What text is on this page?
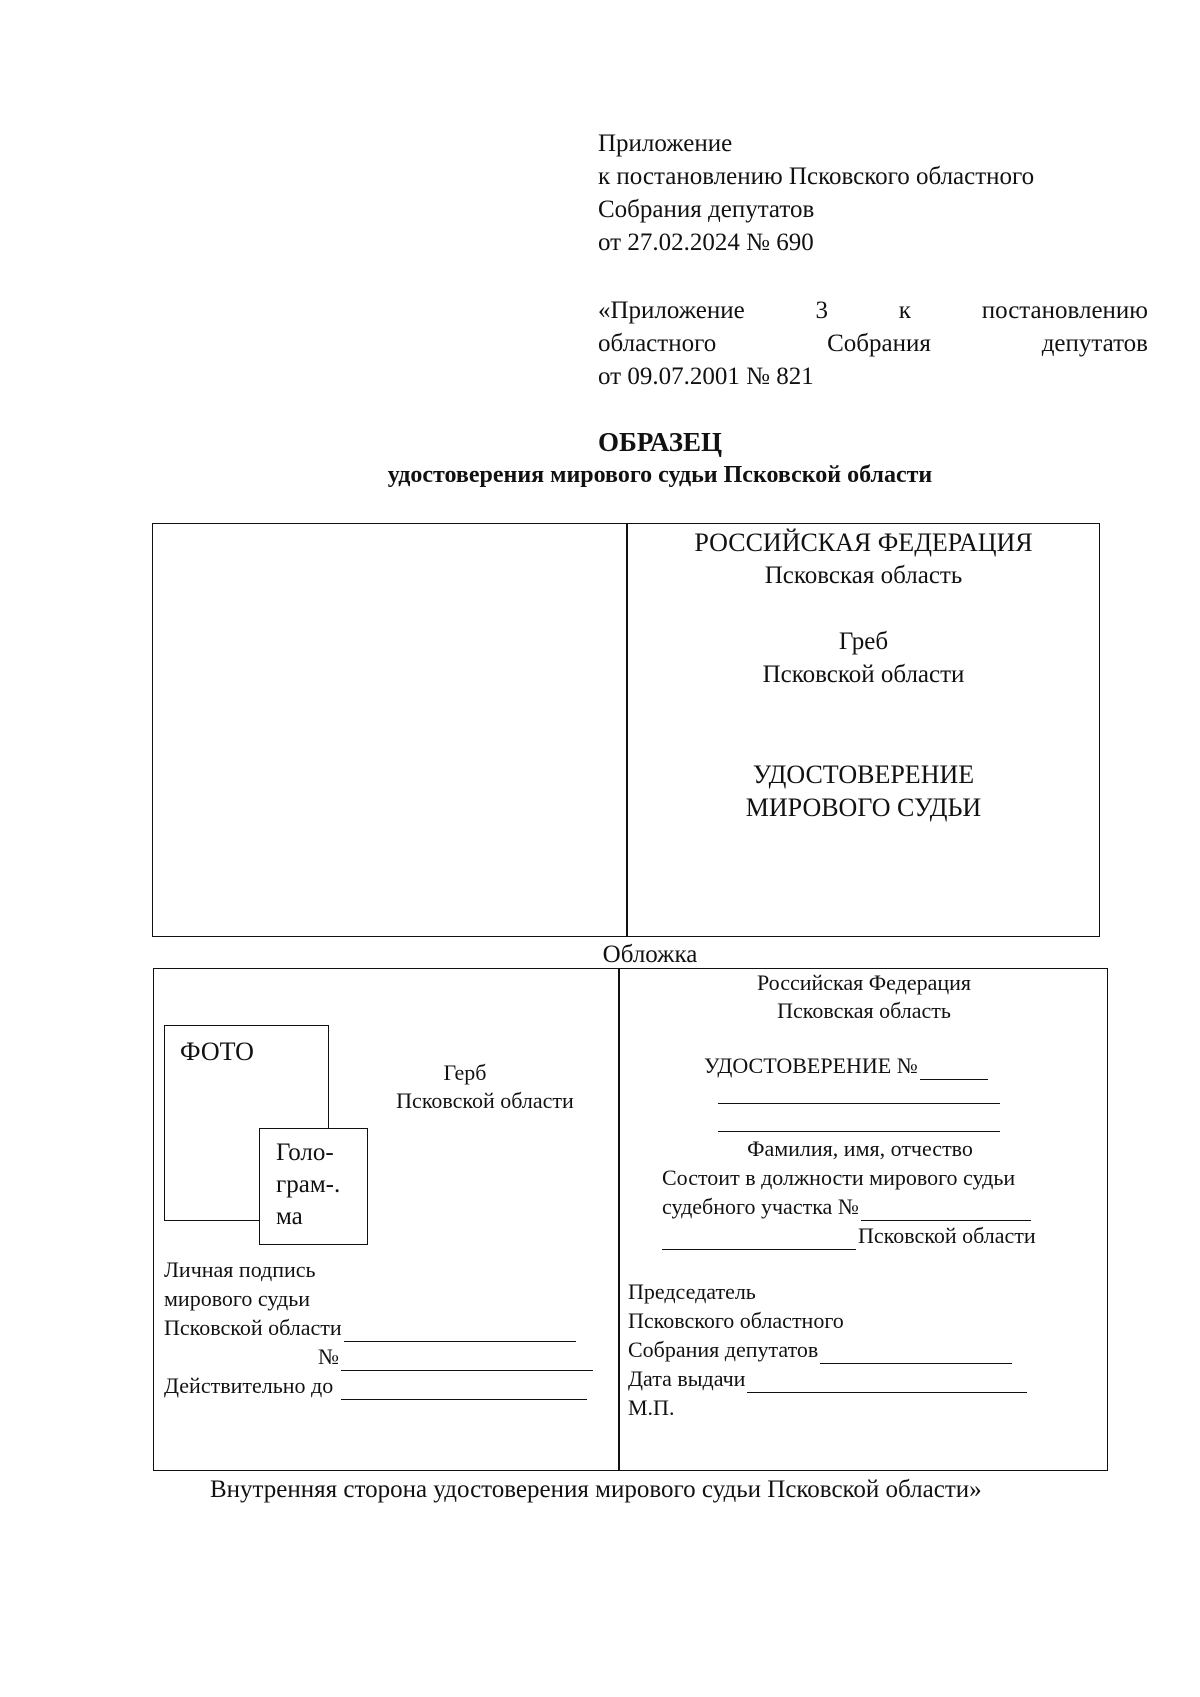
Приложение
к постановлению Псковского областного
Собрания депутатов
от 27.02.2024 № 690
«Приложение	3	к	постановлению
областного	Собрания	депутатов
от 09.07.2001 № 821
ОБРАЗЕЦ
удостоверения мирового судьи Псковской области
РОССИЙСКАЯ ФЕДЕРАЦИЯ
Псковская область
Греб
Псковской области
УДОСТОВЕРЕНИЕ
МИРОВОГО СУДЬИ
Обложка
ФОТО
Голо-
грам-.
ма
Герб
Псковской области
Личная подпись
мирового судьи
Псковской области
№
Действительно до
Российская Федерация
Псковская область
УДОСТОВЕРЕНИЕ №
Фамилия, имя, отчество
Состоит в должности мирового судьи
судебного участка №
Псковской области
Председатель
Псковского областного
Собрания депутатов
Дата выдачи
М.П.
Внутренняя сторона удостоверения мирового судьи Псковской области»
